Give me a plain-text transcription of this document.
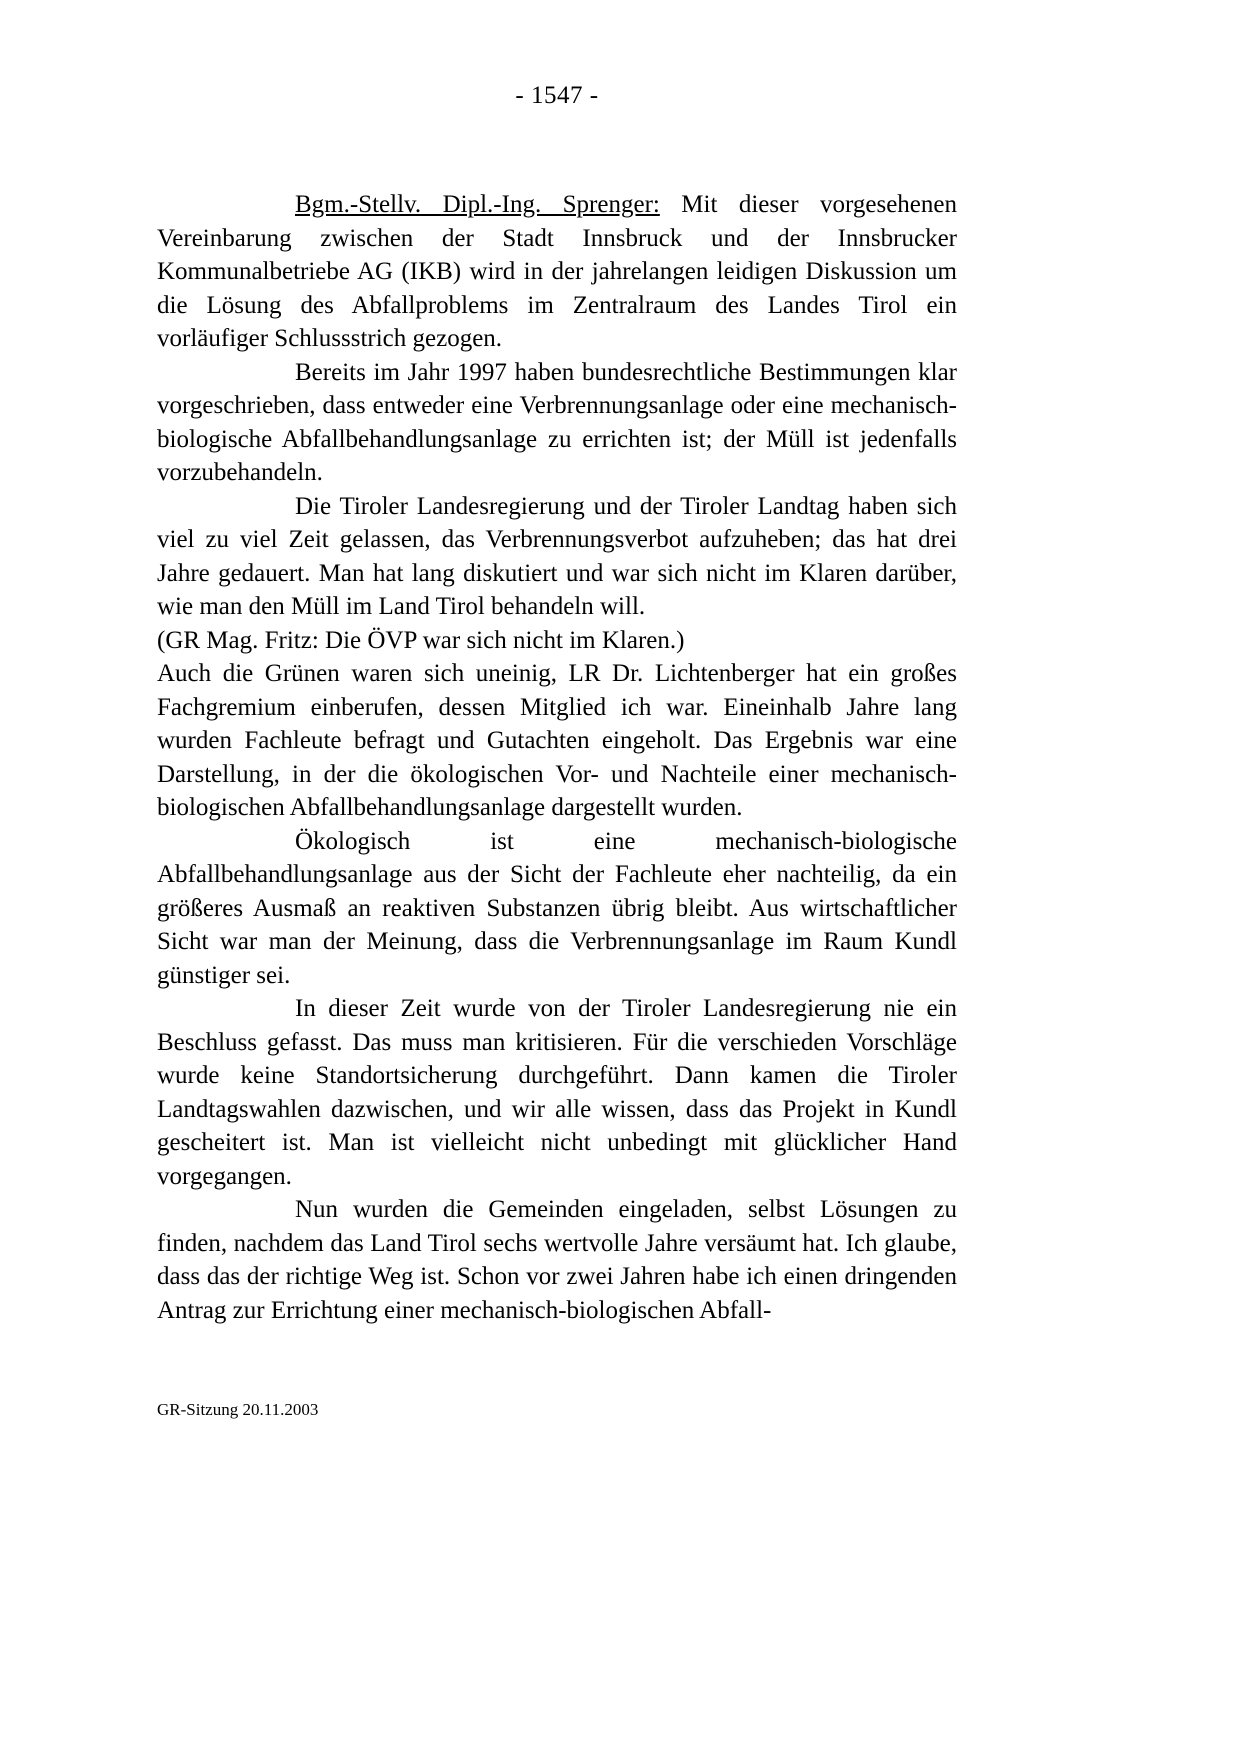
- 1547 -

Bgm.-Stellv. Dipl.-Ing. Sprenger: Mit dieser vorgesehenen Vereinbarung zwischen der Stadt Innsbruck und der Innsbrucker Kommunalbetriebe AG (IKB) wird in der jahrelangen leidigen Diskussion um die Lösung des Abfallproblems im Zentralraum des Landes Tirol ein vorläufiger Schlussstrich gezogen.

Bereits im Jahr 1997 haben bundesrechtliche Bestimmungen klar vorgeschrieben, dass entweder eine Verbrennungsanlage oder eine mechanisch-biologische Abfallbehandlungsanlage zu errichten ist; der Müll ist jedenfalls vorzubehandeln.

Die Tiroler Landesregierung und der Tiroler Landtag haben sich viel zu viel Zeit gelassen, das Verbrennungsverbot aufzuheben; das hat drei Jahre gedauert. Man hat lang diskutiert und war sich nicht im Klaren darüber, wie man den Müll im Land Tirol behandeln will.

(GR Mag. Fritz: Die ÖVP war sich nicht im Klaren.)

Auch die Grünen waren sich uneinig, LR Dr. Lichtenberger hat ein großes Fachgremium einberufen, dessen Mitglied ich war. Eineinhalb Jahre lang wurden Fachleute befragt und Gutachten eingeholt. Das Ergebnis war eine Darstellung, in der die ökologischen Vor- und Nachteile einer mechanisch-biologischen Abfallbehandlungsanlage dargestellt wurden.

Ökologisch ist eine mechanisch-biologische Abfallbehandlungsanlage aus der Sicht der Fachleute eher nachteilig, da ein größeres Ausmaß an reaktiven Substanzen übrig bleibt. Aus wirtschaftlicher Sicht war man der Meinung, dass die Verbrennungsanlage im Raum Kundl günstiger sei.

In dieser Zeit wurde von der Tiroler Landesregierung nie ein Beschluss gefasst. Das muss man kritisieren. Für die verschieden Vorschläge wurde keine Standortsicherung durchgeführt. Dann kamen die Tiroler Landtagswahlen dazwischen, und wir alle wissen, dass das Projekt in Kundl gescheitert ist. Man ist vielleicht nicht unbedingt mit glücklicher Hand vorgegangen.

Nun wurden die Gemeinden eingeladen, selbst Lösungen zu finden, nachdem das Land Tirol sechs wertvolle Jahre versäumt hat. Ich glaube, dass das der richtige Weg ist. Schon vor zwei Jahren habe ich einen dringenden Antrag zur Errichtung einer mechanisch-biologischen Abfall-

GR-Sitzung 20.11.2003
